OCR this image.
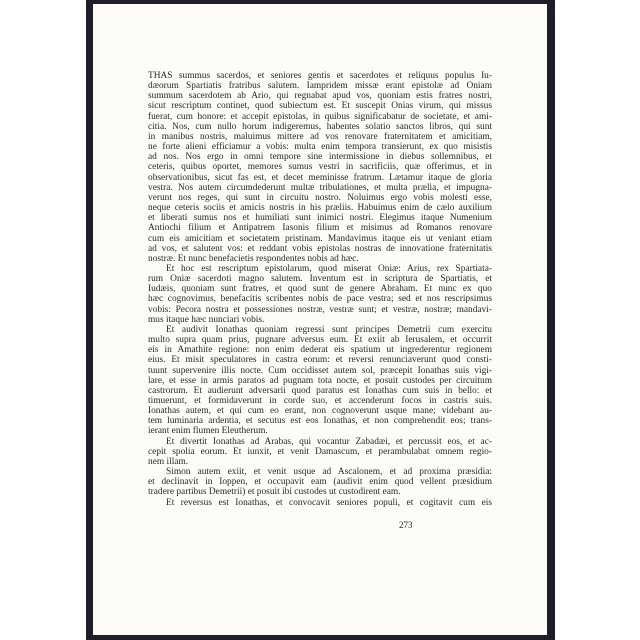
THAS summus sacerdos, et seniores gentis et sacerdotes et reliquus populus Iu-
dæorum Spartiatis fratribus salutem. Iampridem missæ erant epistolæ ad Oniam
summum sacerdotem ab Ario, qui regnabat apud vos, quoniam estis fratres nostri,
sicut rescriptum continet, quod subiectum est. Et suscepit Onias virum, qui missus
fuerat, cum honore: et accepit epistolas, in quibus significabatur de societate, et ami-
citia. Nos, cum nullo horum indigeremus, habentes solatio sanctos libros, qui sunt
in manibus nostris, maluimus mittere ad vos renovare fraternitatem et amicitiam,
ne forte alieni efficiamur a vobis: multa enim tempora transierunt, ex quo misistis
ad nos. Nos ergo in omni tempore sine intermissione in diebus sollemnibus, et
ceteris, quibus oportet, memores sumus vestri in sacrificiis, quæ offerimus, et in
observationibus, sicut fas est, et decet meminisse fratrum. Lætamur itaque de gloria
vestra. Nos autem circumdederunt multæ tribulationes, et multa prælia, et impugna-
verunt nos reges, qui sunt in circuitu nostro. Noluimus ergo vobis molesti esse,
neque ceteris sociis et amicis nostris in his præliis. Habuimus enim de cælo auxilium
et liberati sumus nos et humiliati sunt inimici nostri. Elegimus itaque Numenium
Antiochi filium et Antipatrem Iasonis filium et misimus ad Romanos renovare
cum eis amicitiam et societatem pristinam. Mandavimus itaque eis ut veniant etiam
ad vos, et salutent vos: et reddant vobis epistolas nostras de innovatione fraternitatis
nostræ. Et nunc benefacietis respondentes nobis ad hæc.
Et hoc est rescriptum epistolarum, quod miserat Oniæ: Arius, rex Spartiata-
rum Oniæ sacerdoti magno salutem. Inventum est in scriptura de Spartiatis, et
Iudæis, quoniam sunt fratres, et quod sunt de genere Abraham. Et nunc ex quo
hæc cognovimus, benefacitis scribentes nobis de pace vestra; sed et nos rescripsimus
vobis: Pecora nostra et possessiones nostræ, vestræ sunt; et vestræ, nostræ; mandavi-
mus itaque hæc nunciari vobis.
Et audivit Ionathas quoniam regressi sunt principes Demetrii cum exercitu
multo supra quam prius, pugnare adversus eum. Et exiit ab Ierusalem, et occurrit
eis in Amathite regione: non enim dederat eis spatium ut ingrederentur regionem
eius. Et misit speculatores in castra eorum: et reversi renunciaverunt quod consti-
tuunt supervenire illis nocte. Cum occidisset autem sol, præcepit Ionathas suis vigi-
lare, et esse in armis paratos ad pugnam tota nocte, et posuit custodes per circuitum
castrorum. Et audierunt adversarii quod paratus est Ionathas cum suis in bello: et
timuerunt, et formidaverunt in corde suo, et accenderunt focos in castris suis.
Ionathas autem, et qui cum eo erant, non cognoverunt usque mane; videbant au-
tem luminaria ardentia, et secutus est eos Ionathas, et non comprehendit eos; trans-
ierant enim flumen Eleutherum.
Et divertit Ionathas ad Arabas, qui vocantur Zabadæi, et percussit eos, et ac-
cepit spolia eorum. Et iunxit, et venit Damascum, et perambulabat omnem regio-
nem illam.
Simon autem exiit, et venit usque ad Ascalonem, et ad proxima præsidia:
et declinavit in Ioppen, et occupavit eam (audivit enim quod vellent præsidium
tradere partibus Demetrii) et posuit ibi custodes ut custodirent eam.
Et reversus est Ionathas, et convocavit seniores populi, et cogitavit cum eis
273
